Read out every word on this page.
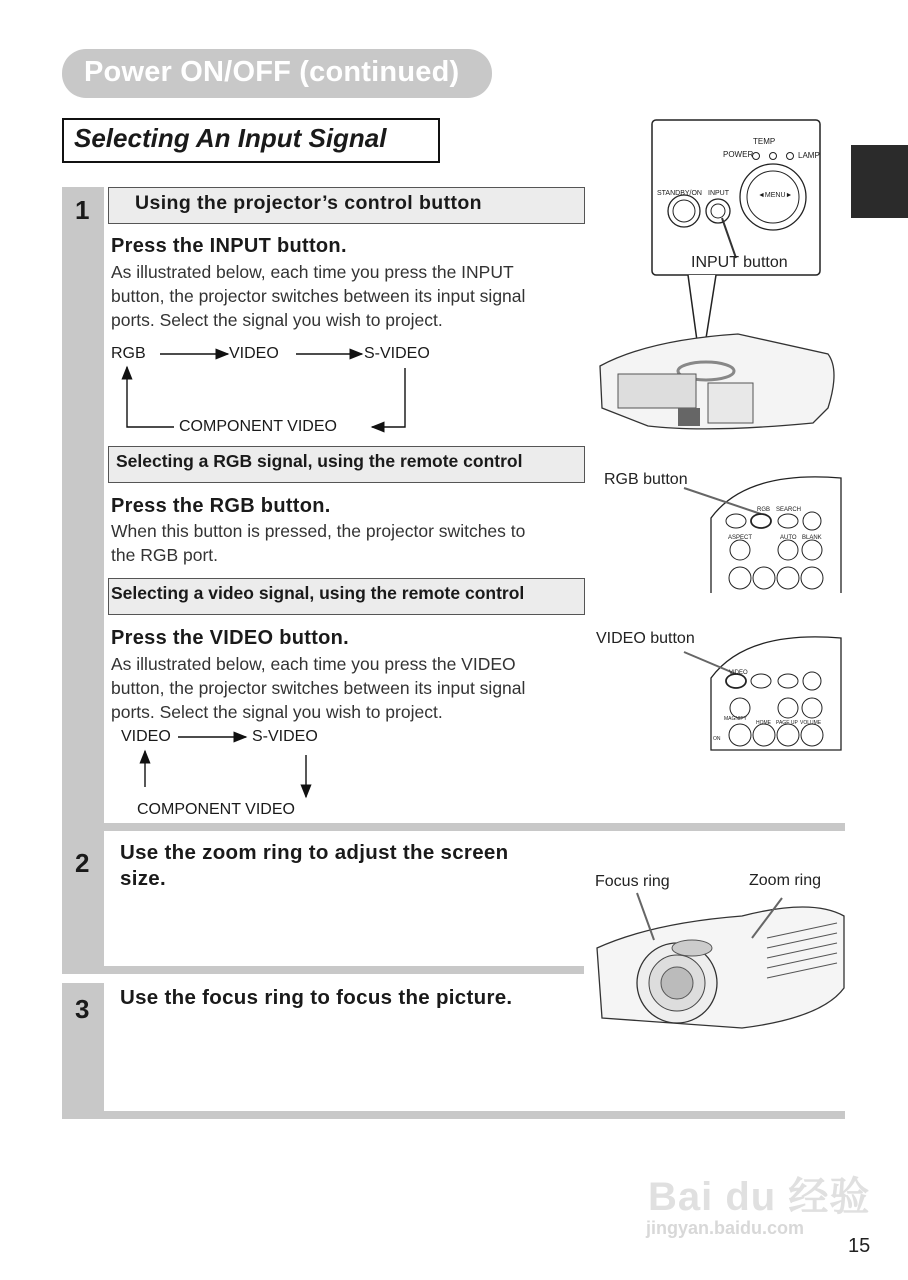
Power ON/OFF (continued)
Selecting An Input Signal
1
2
3
Using the projector’s control button
Press the INPUT button.
As illustrated below, each time you press the INPUT
button, the projector switches between its input signal
ports. Select the signal you wish to project.
RGB	VIDEO	S-VIDEO
COMPONENT VIDEO
Selecting a RGB signal, using the remote control
Press the RGB button.
When this button is pressed, the projector switches to
the RGB port.
Selecting a video signal, using the remote control
Press the VIDEO button.
As illustrated below, each time you press the VIDEO
button, the projector switches between its input signal
ports. Select the signal you wish to project.
VIDEO	S-VIDEO
COMPONENT VIDEO
Use the zoom ring to adjust the screen
size.
Use the focus ring to focus the picture.
TEMP
POWER	LAMP
STANDBY/ON INPUT	◄MENU►
INPUT button
RGB button
RGB SEARCH
ASPECT	AUTO BLANK
VIDEO button
VIDEO
MAGNIFY
ON
HOME PAGE UP VOLUME
Focus ring	Zoom ring
Bai du 经验
jingyan.baidu.com
15
